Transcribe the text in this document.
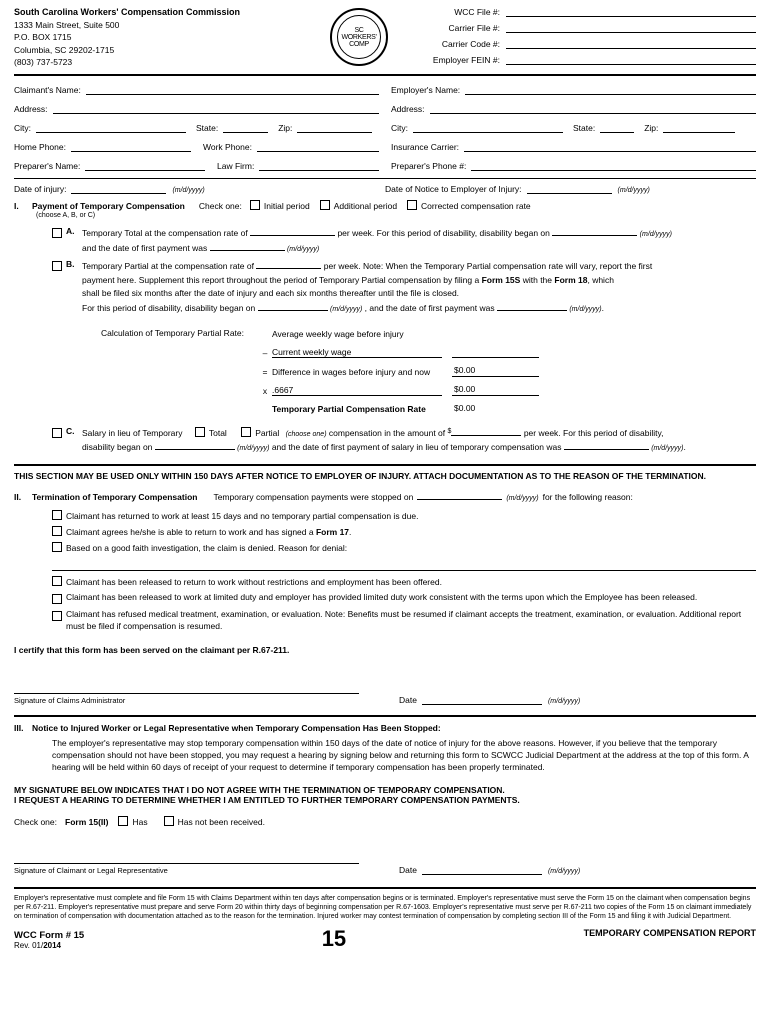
South Carolina Workers' Compensation Commission
1333 Main Street, Suite 500
P.O. BOX 1715
Columbia, SC 29202-1715
(803) 737-5723
SC WORKERS' COMP
WCC File #:
Carrier File #:
Carrier Code #:
Employer FEIN #:
Claimant's Name:	Employer's Name:
Address:	Address:
City:	State:	Zip:	City:	State:	Zip:
Home Phone:	Work Phone:	Insurance Carrier:
Preparer's Name:	Law Firm:	Preparer's Phone #:
Date of injury:	(m/d/yyyy)	Date of Notice to Employer of Injury:	(m/d/yyyy)
I.	Payment of Temporary Compensation Check one:	Initial period	Additional period	Corrected compensation rate
(choose A, B, or C)
A. Temporary Total at the compensation rate of	per week. For this period of disability, disability began on	(m/d/yyyy)
and the date of first payment was	(m/d/yyyy)
B. Temporary Partial at the compensation rate of	per week. Note: When the Temporary Partial compensation rate will vary, report the first
payment here. Supplement this report throughout the period of Temporary Partial compensation by filing a Form 15S with the Form 18, which
shall be filed six months after the date of injury and each six months thereafter until the file is closed.
For this period of disability, disability began on	(m/d/yyyy) , and the date of first payment was	(m/d/yyyy).
Calculation of Temporary Partial Rate:	Average weekly wage before injury
– Current weekly wage
= Difference in wages before injury and now	$0.00
x .6667	$0.00
Temporary Partial Compensation Rate	$0.00
C. Salary in lieu of Temporary	Total	Partial (choose one) compensation in the amount of $	per week. For this period of disability,
disability began on	(m/d/yyyy) and the date of first payment of salary in lieu of temporary compensation was	(m/d/yyyy).
THIS SECTION MAY BE USED ONLY WITHIN 150 DAYS AFTER NOTICE TO EMPLOYER OF INJURY. ATTACH DOCUMENTATION AS TO THE REASON OF THE TERMINATION.
II.	Termination of Temporary Compensation Temporary compensation payments were stopped on	(m/d/yyyy) for the following reason:
Claimant has returned to work at least 15 days and no temporary partial compensation is due.
Claimant agrees he/she is able to return to work and has signed a Form 17.
Based on a good faith investigation, the claim is denied. Reason for denial:
Claimant has been released to return to work without restrictions and employment has been offered.
Claimant has been released to work at limited duty and employer has provided limited duty work consistent with the terms upon which the Employee has been released.
Claimant has refused medical treatment, examination, or evaluation. Note: Benefits must be resumed if claimant accepts the treatment, examination, or evaluation. Additional report must be filed if compensation is resumed.
I certify that this form has been served on the claimant per R.67-211.
Signature of Claims Administrator	Date	(m/d/yyyy)
III.	Notice to Injured Worker or Legal Representative when Temporary Compensation Has Been Stopped:
The employer's representative may stop temporary compensation within 150 days of the date of notice of injury for the above reasons. However, if you believe that the temporary compensation should not have been stopped, you may request a hearing by signing below and returning this form to SCWCC Judicial Department at the address at the top of this form. A hearing will be held within 60 days of receipt of your request to determine if temporary compensation has been properly terminated.
MY SIGNATURE BELOW INDICATES THAT I DO NOT AGREE WITH THE TERMINATION OF TEMPORARY COMPENSATION.
I REQUEST A HEARING TO DETERMINE WHETHER I AM ENTITLED TO FURTHER TEMPORARY COMPENSATION PAYMENTS.
Check one: Form 15(II)	Has	Has not been received.
Signature of Claimant or Legal Representative	Date	(m/d/yyyy)
Employer's representative must complete and file Form 15 with Claims Department within ten days after compensation begins or is terminated. Employer's representative must serve the Form 15 on the claimant when compensation begins per R.67-211. Employer's representative must prepare and serve Form 20 within thirty days of beginning compensation per R.67-1603. Employer's representative must serve per R.67-211 two copies of the Form 15 on claimant immediately on termination of compensation with documentation attached as to the reason for the termination. Injured worker may contest termination of compensation by completing section III of the Form 15 and filing it with Judicial Department.
WCC Form # 15
Rev. 01/2014	15	TEMPORARY COMPENSATION REPORT
